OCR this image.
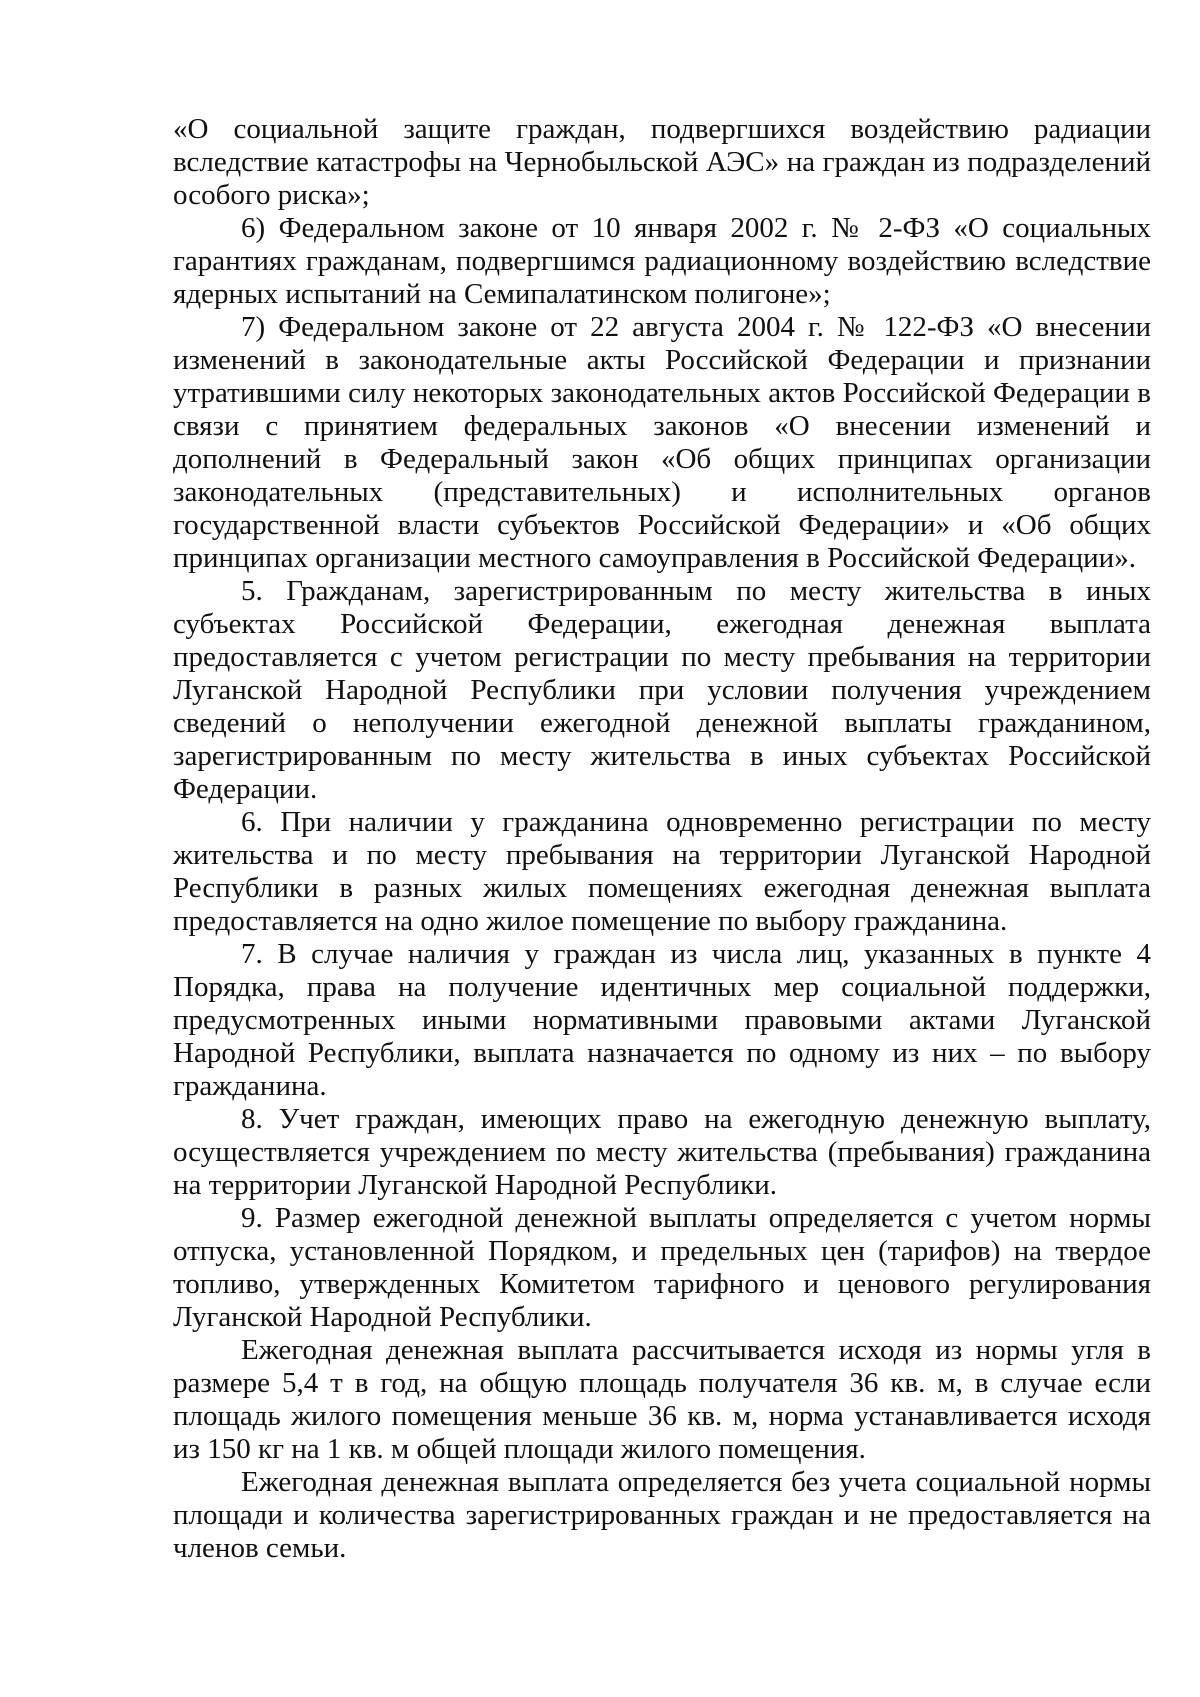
«О социальной защите граждан, подвергшихся воздействию радиации вследствие катастрофы на Чернобыльской АЭС» на граждан из подразделений особого риска»;

6) Федеральном законе от 10 января 2002 г. № 2-ФЗ «О социальных гарантиях гражданам, подвергшимся радиационному воздействию вследствие ядерных испытаний на Семипалатинском полигоне»;

7) Федеральном законе от 22 августа 2004 г. № 122-ФЗ «О внесении изменений в законодательные акты Российской Федерации и признании утратившими силу некоторых законодательных актов Российской Федерации в связи с принятием федеральных законов «О внесении изменений и дополнений в Федеральный закон «Об общих принципах организации законодательных (представительных) и исполнительных органов государственной власти субъектов Российской Федерации» и «Об общих принципах организации местного самоуправления в Российской Федерации».

5. Гражданам, зарегистрированным по месту жительства в иных субъектах Российской Федерации, ежегодная денежная выплата предоставляется с учетом регистрации по месту пребывания на территории Луганской Народной Республики при условии получения учреждением сведений о неполучении ежегодной денежной выплаты гражданином, зарегистрированным по месту жительства в иных субъектах Российской Федерации.

6. При наличии у гражданина одновременно регистрации по месту жительства и по месту пребывания на территории Луганской Народной Республики в разных жилых помещениях ежегодная денежная выплата предоставляется на одно жилое помещение по выбору гражданина.

7. В случае наличия у граждан из числа лиц, указанных в пункте 4 Порядка, права на получение идентичных мер социальной поддержки, предусмотренных иными нормативными правовыми актами Луганской Народной Республики, выплата назначается по одному из них – по выбору гражданина.

8. Учет граждан, имеющих право на ежегодную денежную выплату, осуществляется учреждением по месту жительства (пребывания) гражданина на территории Луганской Народной Республики.

9. Размер ежегодной денежной выплаты определяется с учетом нормы отпуска, установленной Порядком, и предельных цен (тарифов) на твердое топливо, утвержденных Комитетом тарифного и ценового регулирования Луганской Народной Республики.

Ежегодная денежная выплата рассчитывается исходя из нормы угля в размере 5,4 т в год, на общую площадь получателя 36 кв. м, в случае если площадь жилого помещения меньше 36 кв. м, норма устанавливается исходя из 150 кг на 1 кв. м общей площади жилого помещения.

Ежегодная денежная выплата определяется без учета социальной нормы площади и количества зарегистрированных граждан и не предоставляется на членов семьи.
